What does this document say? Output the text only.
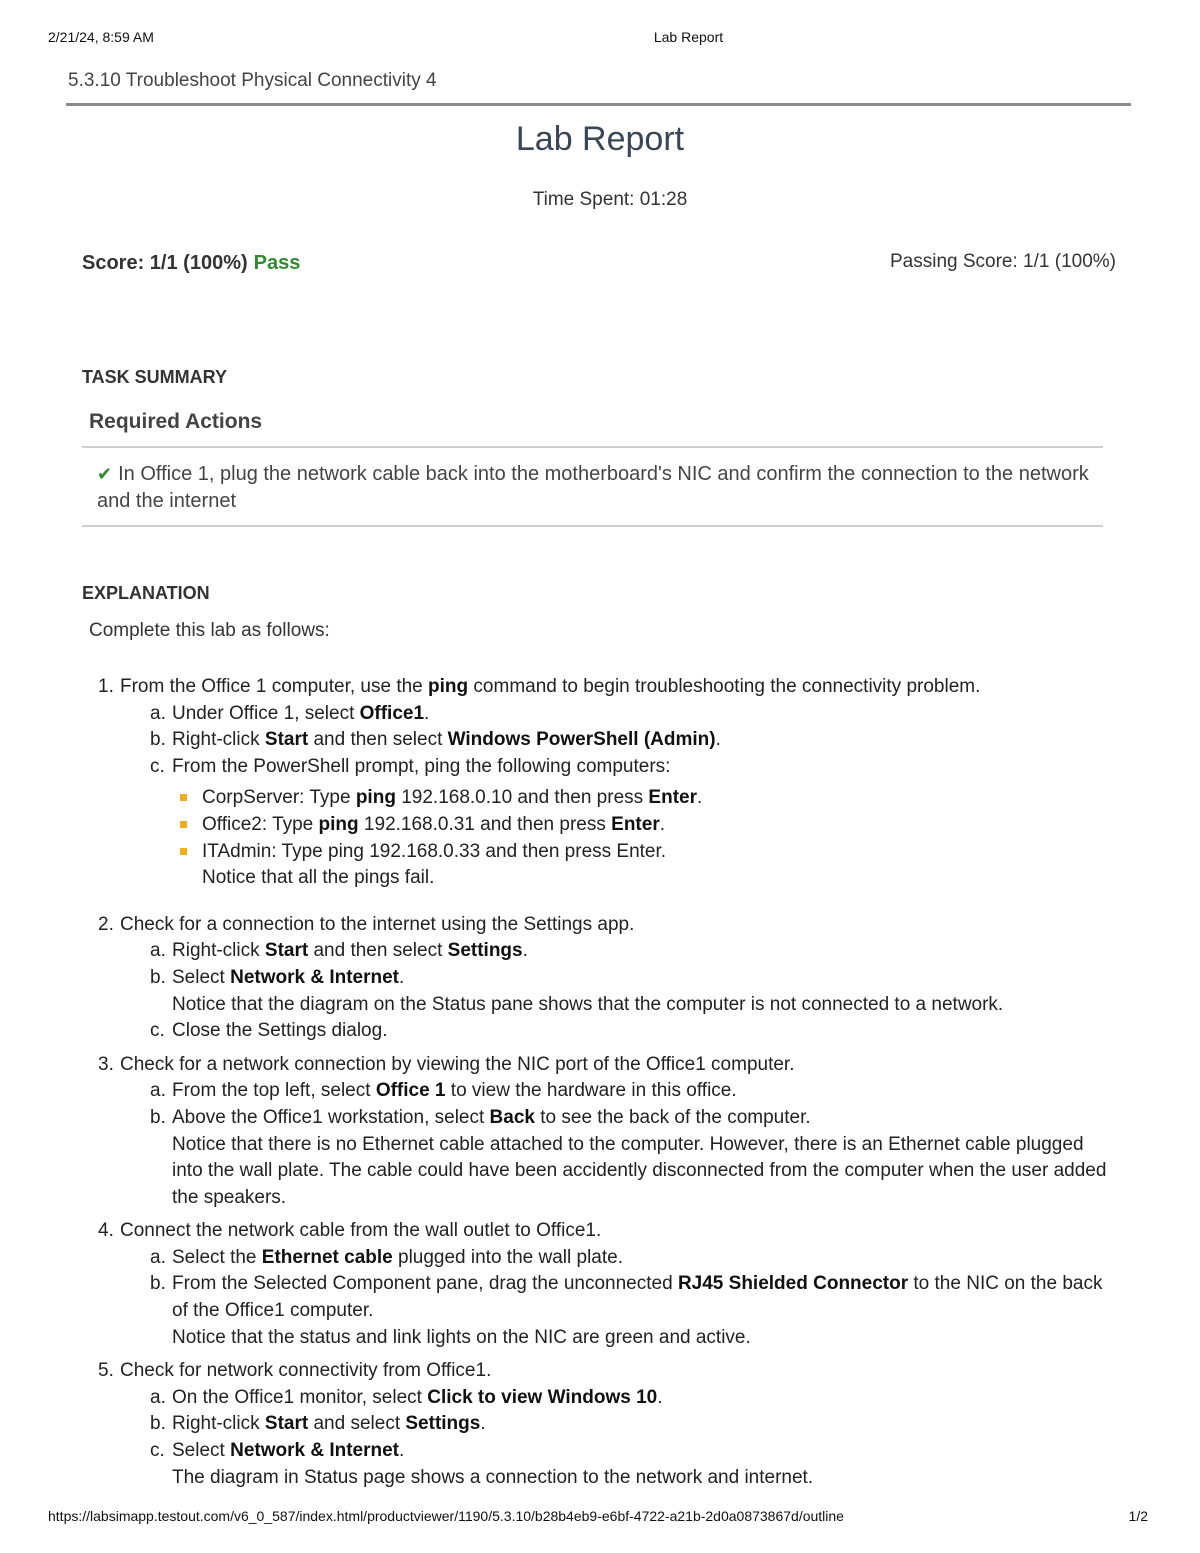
2/21/24, 8:59 AM	Lab Report
5.3.10 Troubleshoot Physical Connectivity 4
Lab Report
Time Spent: 01:28
Score: 1/1 (100%) Pass	Passing Score: 1/1 (100%)
TASK SUMMARY
Required Actions
✔ In Office 1, plug the network cable back into the motherboard's NIC and confirm the connection to the network and the internet
EXPLANATION
Complete this lab as follows:
1. From the Office 1 computer, use the ping command to begin troubleshooting the connectivity problem.
a. Under Office 1, select Office1.
b. Right-click Start and then select Windows PowerShell (Admin).
c. From the PowerShell prompt, ping the following computers:
CorpServer: Type ping 192.168.0.10 and then press Enter.
Office2: Type ping 192.168.0.31 and then press Enter.
ITAdmin: Type ping 192.168.0.33 and then press Enter.
Notice that all the pings fail.
2. Check for a connection to the internet using the Settings app.
a. Right-click Start and then select Settings.
b. Select Network & Internet.
Notice that the diagram on the Status pane shows that the computer is not connected to a network.
c. Close the Settings dialog.
3. Check for a network connection by viewing the NIC port of the Office1 computer.
a. From the top left, select Office 1 to view the hardware in this office.
b. Above the Office1 workstation, select Back to see the back of the computer.
Notice that there is no Ethernet cable attached to the computer. However, there is an Ethernet cable plugged into the wall plate. The cable could have been accidently disconnected from the computer when the user added the speakers.
4. Connect the network cable from the wall outlet to Office1.
a. Select the Ethernet cable plugged into the wall plate.
b. From the Selected Component pane, drag the unconnected RJ45 Shielded Connector to the NIC on the back of the Office1 computer.
Notice that the status and link lights on the NIC are green and active.
5. Check for network connectivity from Office1.
a. On the Office1 monitor, select Click to view Windows 10.
b. Right-click Start and select Settings.
c. Select Network & Internet.
The diagram in Status page shows a connection to the network and internet.
https://labsimapp.testout.com/v6_0_587/index.html/productviewer/1190/5.3.10/b28b4eb9-e6bf-4722-a21b-2d0a0873867d/outline	1/2
